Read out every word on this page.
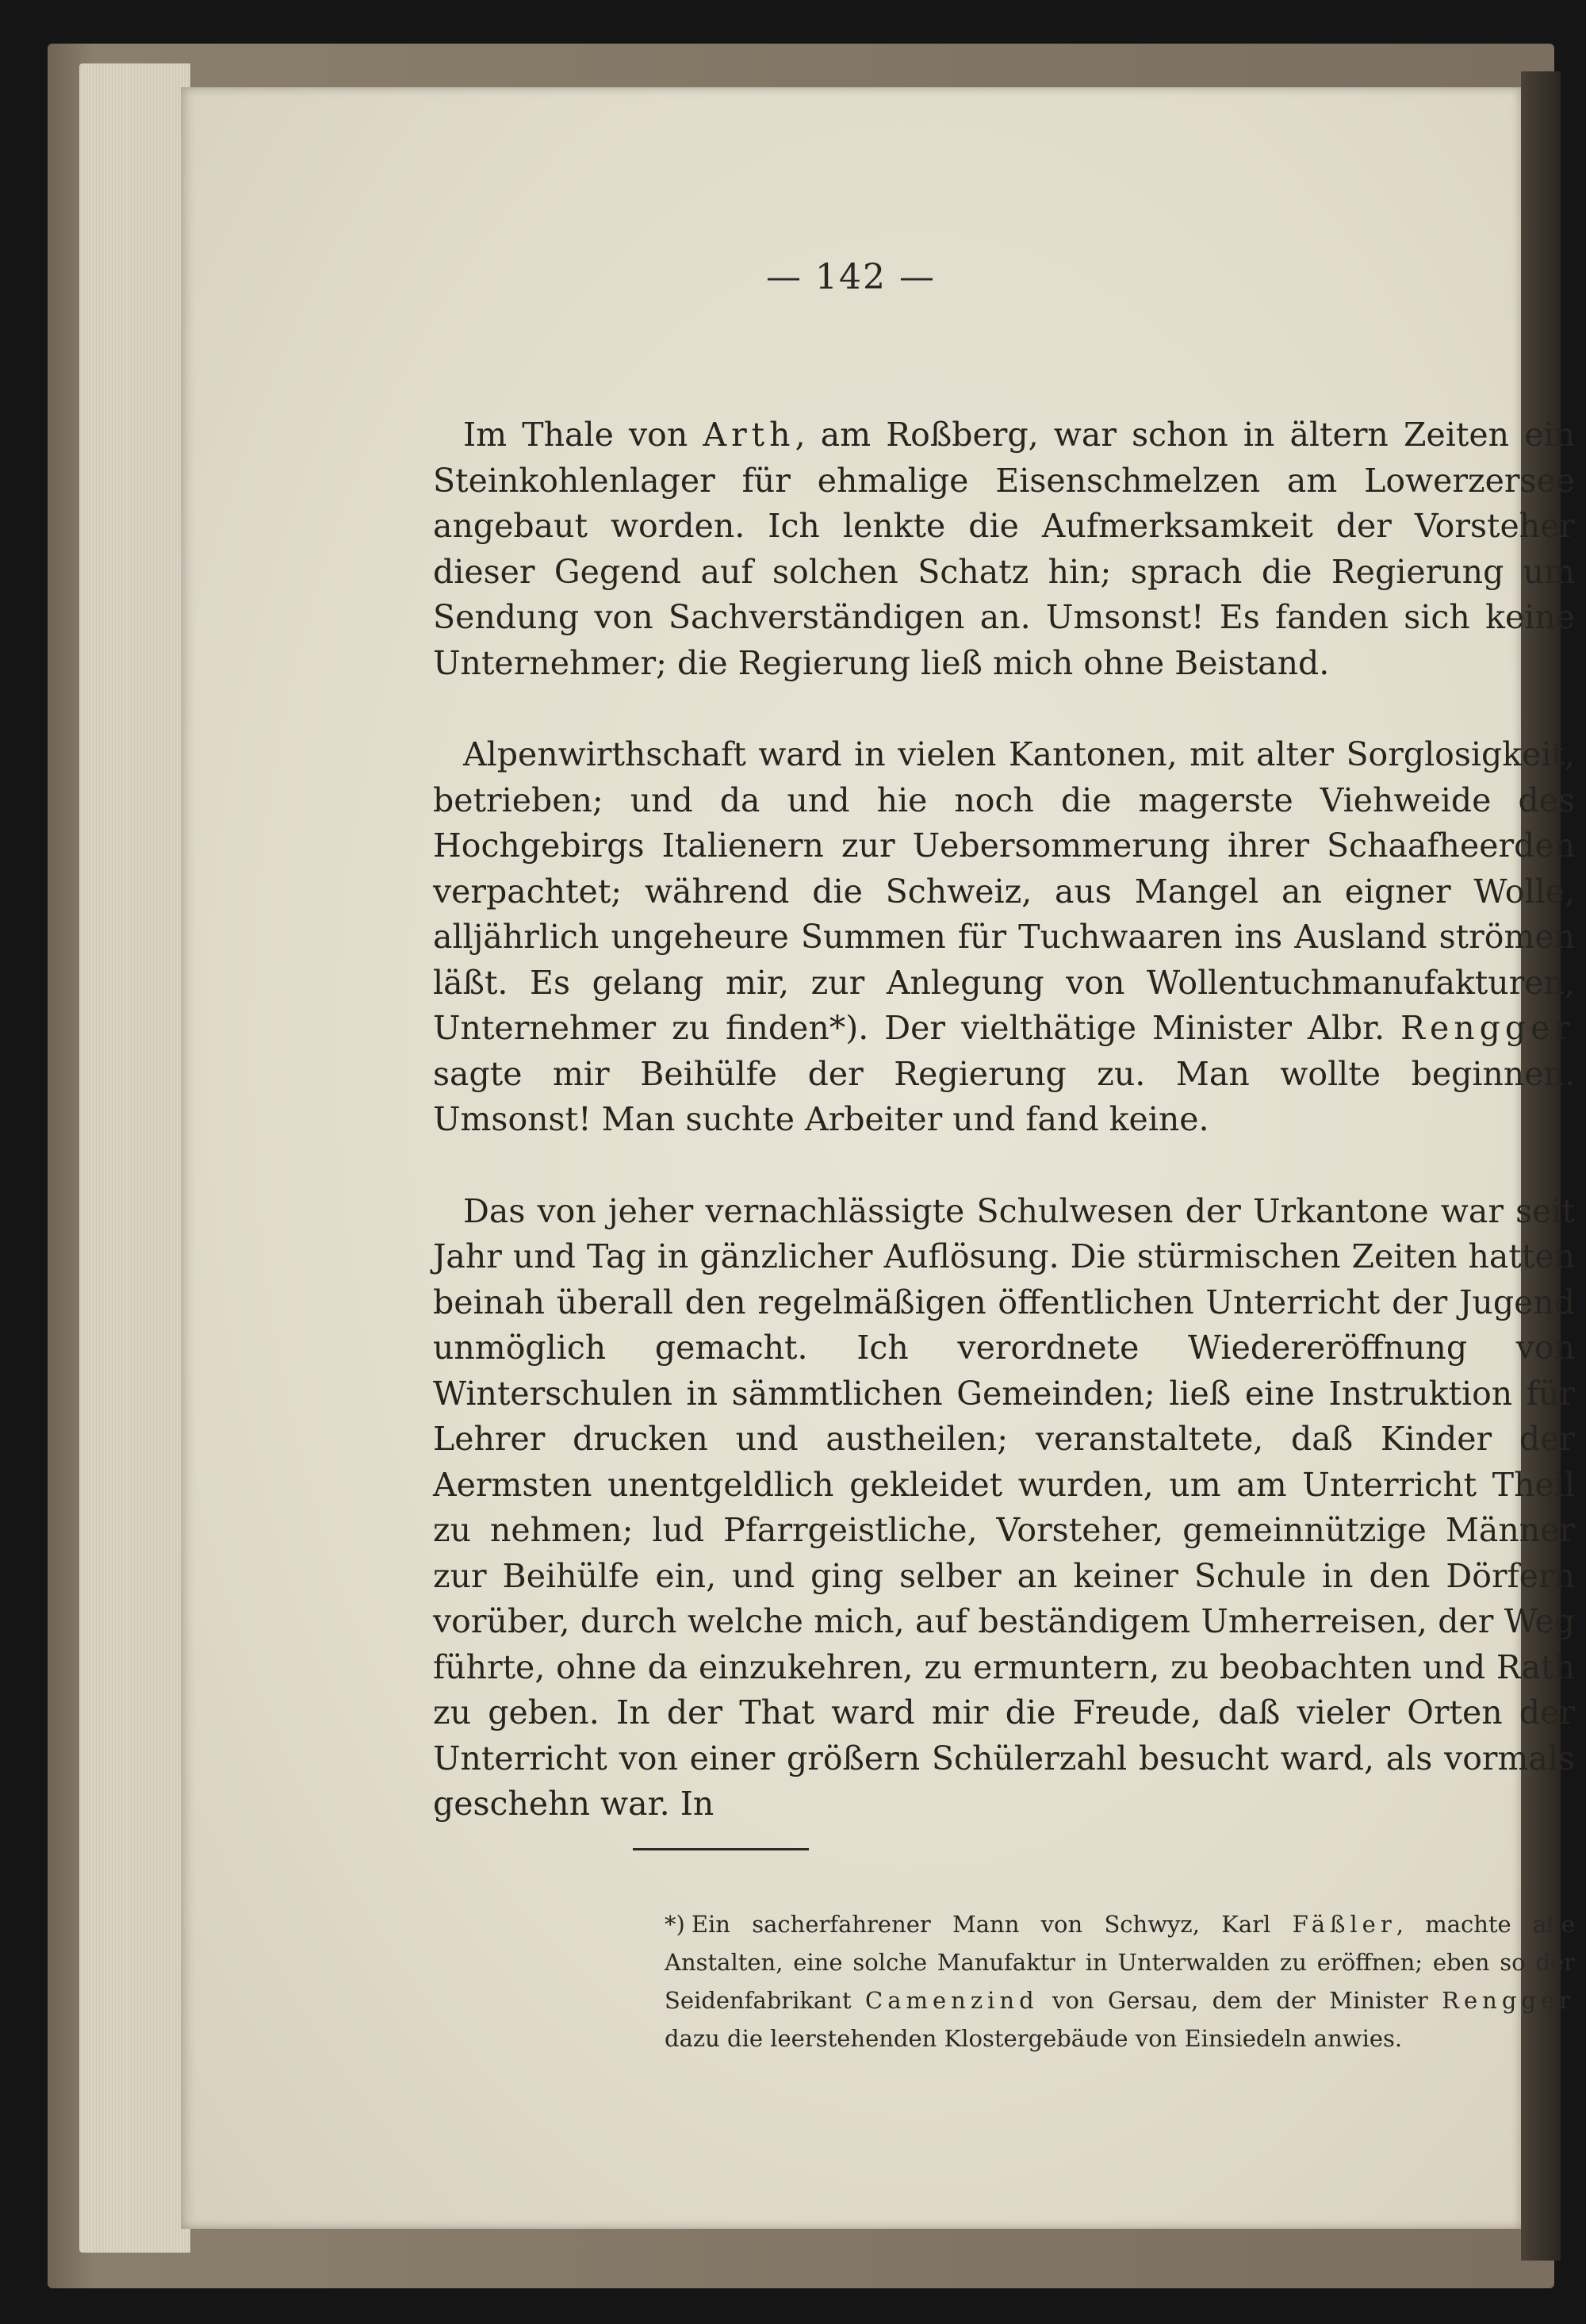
— 142 —

Im Thale von Arth, am Roßberg, war schon in ältern Zeiten ein Steinkohlenlager für ehmalige Eisenschmelzen am Lowerzersee angebaut worden. Ich lenkte die Aufmerksamkeit der Vorsteher dieser Gegend auf solchen Schatz hin; sprach die Regierung um Sendung von Sachverständigen an. Umsonst! Es fanden sich keine Unternehmer; die Regierung ließ mich ohne Beistand.

Alpenwirthschaft ward in vielen Kantonen, mit alter Sorglosigkeit, betrieben; und da und hie noch die magerste Viehweide des Hochgebirgs Italienern zur Uebersommerung ihrer Schaafheerden verpachtet; während die Schweiz, aus Mangel an eigner Wolle, alljährlich ungeheure Summen für Tuchwaaren ins Ausland strömen läßt. Es gelang mir, zur Anlegung von Wollentuchmanufakturen, Unternehmer zu finden*). Der vielthätige Minister Albr. Rengger sagte mir Beihülfe der Regierung zu. Man wollte beginnen. Umsonst! Man suchte Arbeiter und fand keine.

Das von jeher vernachlässigte Schulwesen der Urkantone war seit Jahr und Tag in gänzlicher Auflösung. Die stürmischen Zeiten hatten beinah überall den regelmäßigen öffentlichen Unterricht der Jugend unmöglich gemacht. Ich verordnete Wiedereröffnung von Winterschulen in sämmtlichen Gemeinden; ließ eine Instruktion für Lehrer drucken und austheilen; veranstaltete, daß Kinder der Aermsten unentgeldlich gekleidet wurden, um am Unterricht Theil zu nehmen; lud Pfarrgeistliche, Vorsteher, gemeinnützige Männer zur Beihülfe ein, und ging selber an keiner Schule in den Dörfern vorüber, durch welche mich, auf beständigem Umherreisen, der Weg führte, ohne da einzukehren, zu ermuntern, zu beobachten und Rath zu geben. In der That ward mir die Freude, daß vieler Orten der Unterricht von einer größern Schülerzahl besucht ward, als vormals geschehn war. In

*) Ein sacherfahrener Mann von Schwyz, Karl Fäßler, machte alle Anstalten, eine solche Manufaktur in Unterwalden zu eröffnen; eben so der Seidenfabrikant Camenzind von Gersau, dem der Minister Rengger dazu die leerstehenden Klostergebäude von Einsiedeln anwies.
